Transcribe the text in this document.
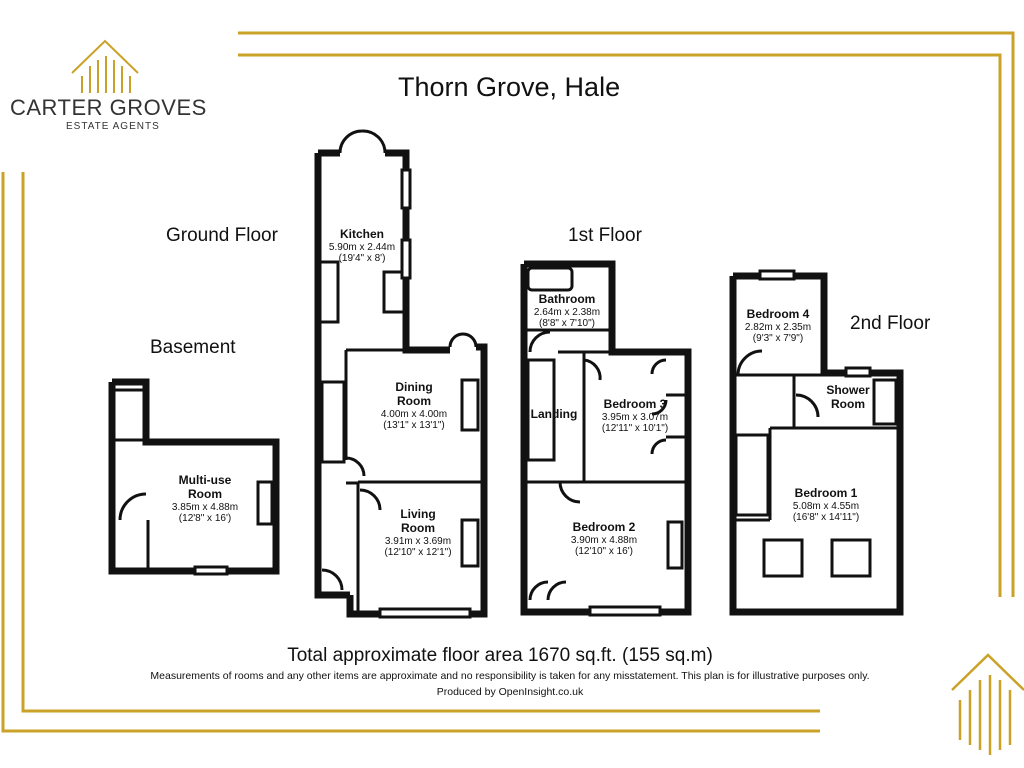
CARTER GROVES
ESTATE AGENTS
Thorn Grove, Hale
Basement
Ground Floor	1st Floor
2nd Floor
Multi-use
Room
3.85m x 4.88m
(12'8" x 16')
Kitchen
5.90m x 2.44m
(19'4" x 8')
Dining
Room
4.00m x 4.00m
(13'1" x 13'1")
Living
Room
3.91m x 3.69m
(12'10" x 12'1")
Bathroom
2.64m x 2.38m
(8'8" x 7'10")
Landing
Bedroom 3
3.95m x 3.07m
(12'11" x 10'1")
Bedroom 2
3.90m x 4.88m
(12'10" x 16')
Bedroom 4
2.82m x 2.35m
(9'3" x 7'9")
Shower
Room
Bedroom 1
5.08m x 4.55m
(16'8" x 14'11")
Total approximate floor area 1670 sq.ft. (155 sq.m)
Measurements of rooms and any other items are approximate and no responsibility is taken for any misstatement. This plan is for illustrative purposes only.
Produced by OpenInsight.co.uk
